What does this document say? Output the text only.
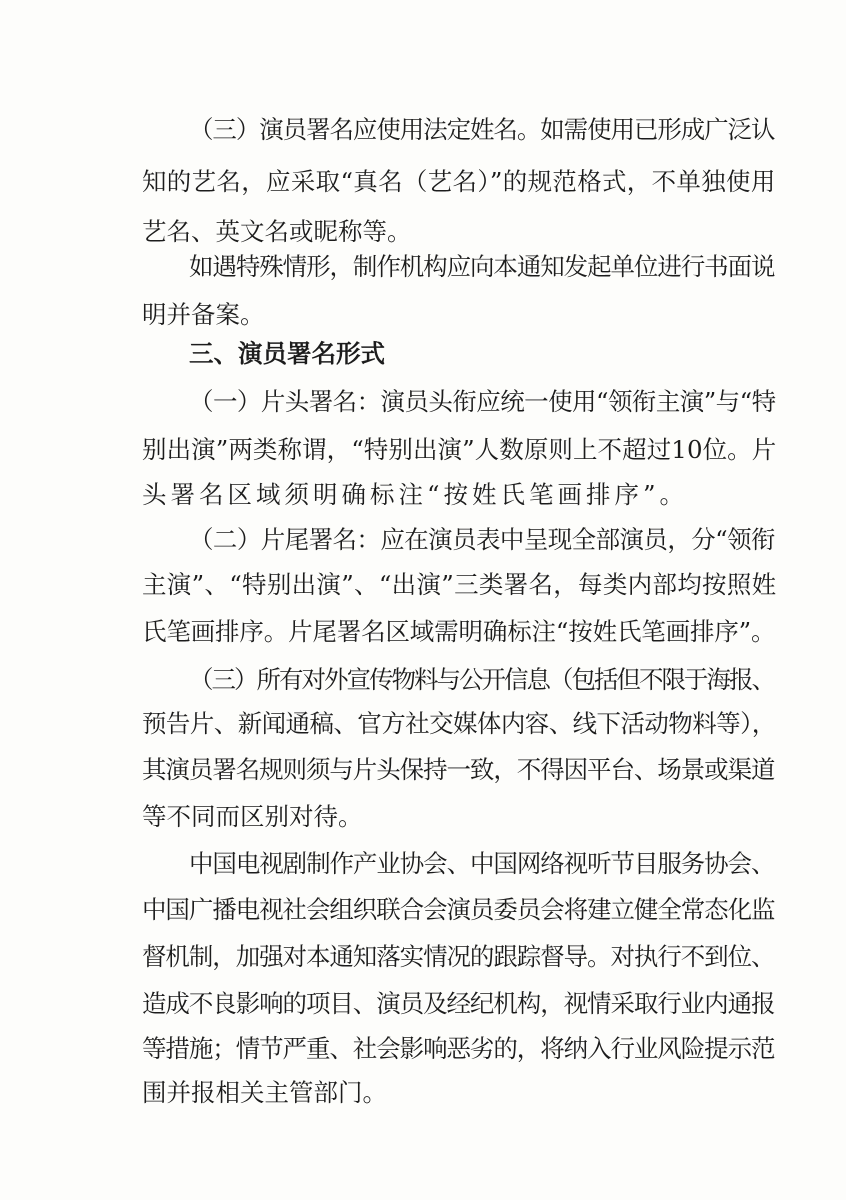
（三）演员署名应使用法定姓名。如需使用已形成广泛认
知的艺名，应采取“真名（艺名）”的规范格式，不单独使用
艺名、英文名或昵称等。
如遇特殊情形，制作机构应向本通知发起单位进行书面说
明并备案。
三、演员署名形式
（一）片头署名：演员头衔应统一使用“领衔主演”与“特
别出演”两类称谓，“特别出演”人数原则上不超过10位。片
头署名区域须明确标注“按姓氏笔画排序”。
（二）片尾署名：应在演员表中呈现全部演员，分“领衔
主演”、“特别出演”、“出演”三类署名，每类内部均按照姓
氏笔画排序。片尾署名区域需明确标注“按姓氏笔画排序”。
（三）所有对外宣传物料与公开信息（包括但不限于海报、
预告片、新闻通稿、官方社交媒体内容、线下活动物料等），
其演员署名规则须与片头保持一致，不得因平台、场景或渠道
等不同而区别对待。
中国电视剧制作产业协会、中国网络视听节目服务协会、
中国广播电视社会组织联合会演员委员会将建立健全常态化监
督机制，加强对本通知落实情况的跟踪督导。对执行不到位、
造成不良影响的项目、演员及经纪机构，视情采取行业内通报
等措施；情节严重、社会影响恶劣的，将纳入行业风险提示范
围并报相关主管部门。
